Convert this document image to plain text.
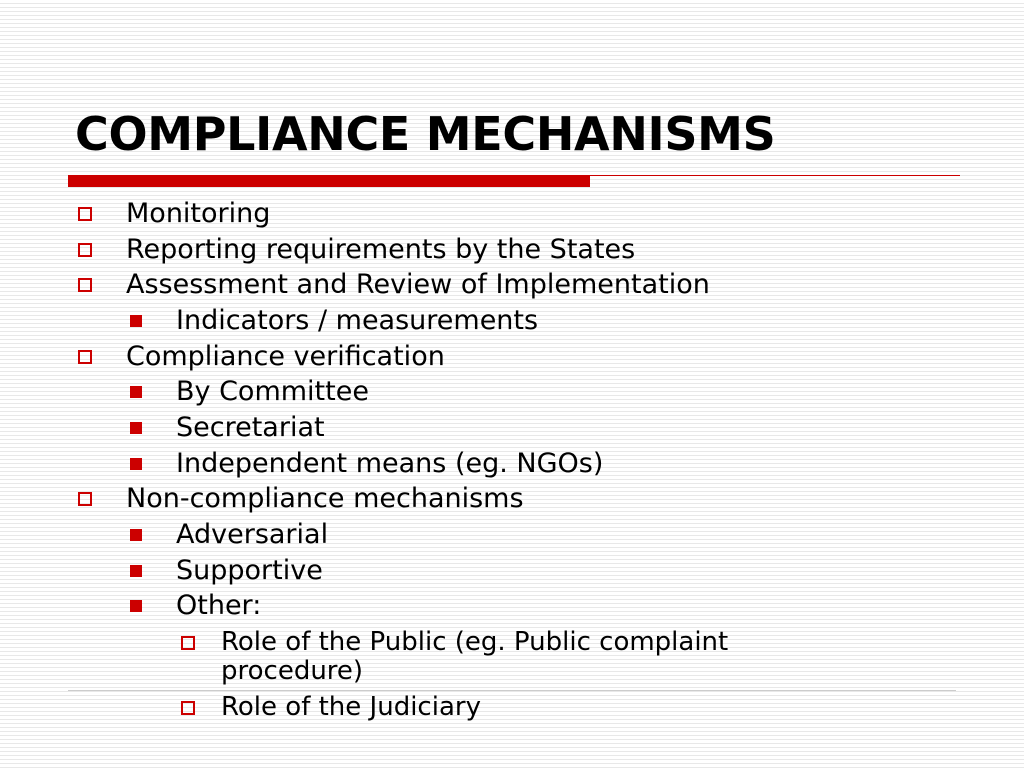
COMPLIANCE MECHANISMS
Monitoring
Reporting requirements by the States
Assessment and Review of Implementation
Indicators / measurements
Compliance verification
By Committee
Secretariat
Independent means (eg. NGOs)
Non-compliance mechanisms
Adversarial
Supportive
Other:
Role of the Public (eg. Public complaint procedure)
Role of the Judiciary
